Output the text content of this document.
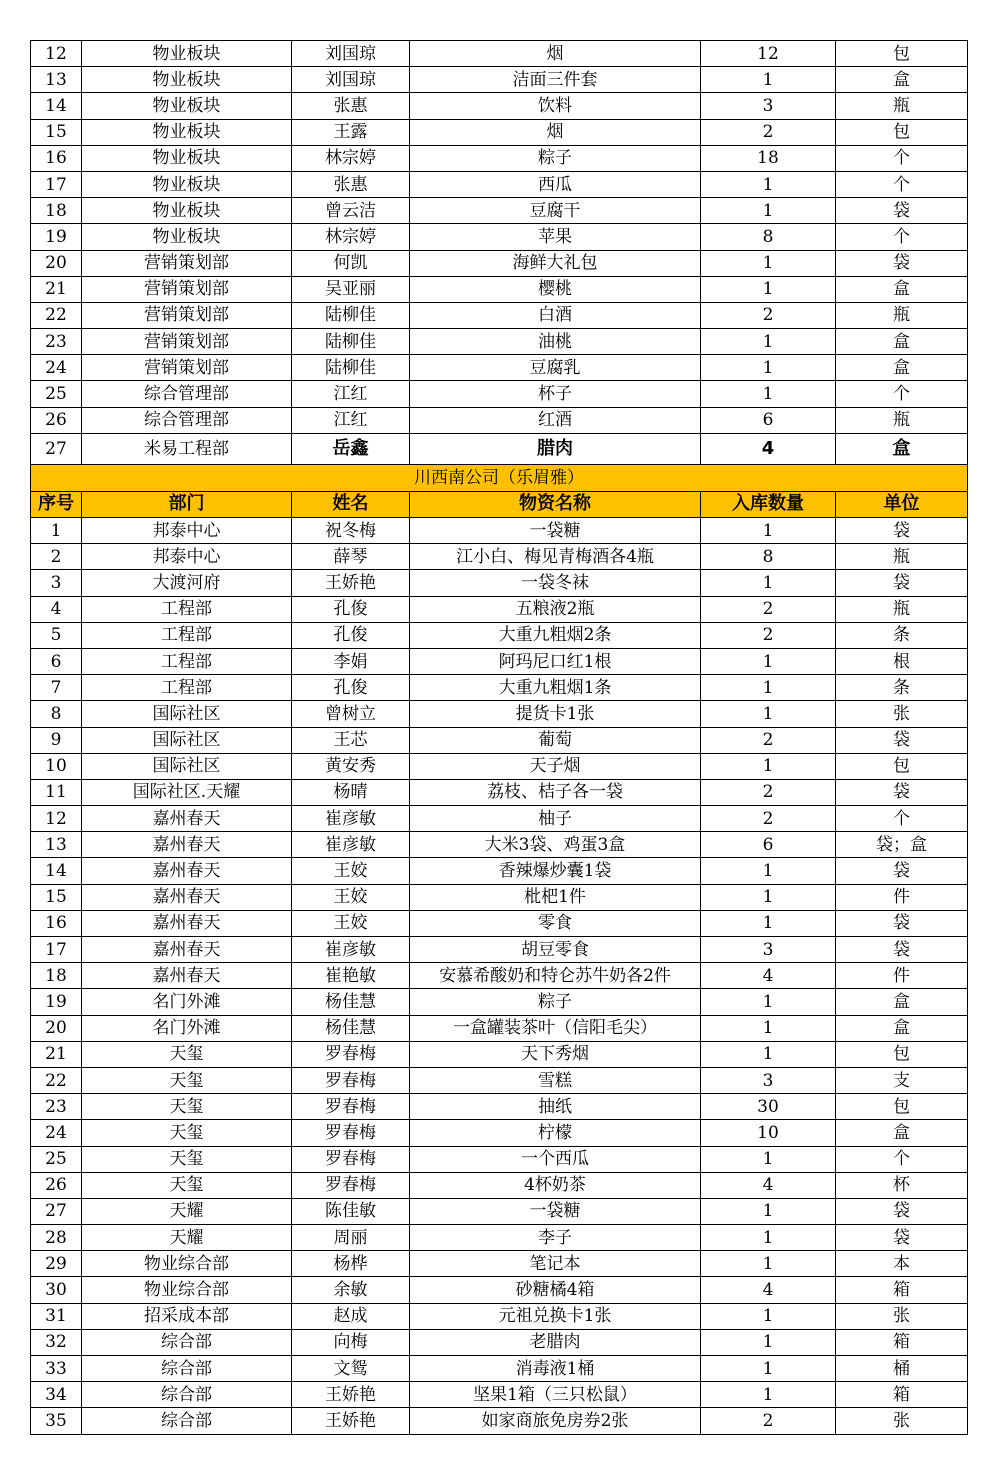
12	物业板块	刘国琼	烟	12	包
13	物业板块	刘国琼	洁面三件套	1	盒
14	物业板块	张惠	饮料	3	瓶
15	物业板块	王露	烟	2	包
16	物业板块	林宗婷	粽子	18	个
17	物业板块	张惠	西瓜	1	个
18	物业板块	曾云洁	豆腐干	1	袋
19	物业板块	林宗婷	苹果	8	个
20	营销策划部	何凯	海鲜大礼包	1	袋
21	营销策划部	吴亚丽	樱桃	1	盒
22	营销策划部	陆柳佳	白酒	2	瓶
23	营销策划部	陆柳佳	油桃	1	盒
24	营销策划部	陆柳佳	豆腐乳	1	盒
25	综合管理部	江红	杯子	1	个
26	综合管理部	江红	红酒	6	瓶
27	米易工程部	岳鑫	腊肉	4	盒
川西南公司（乐眉雅）					
序号	部门	姓名	物资名称	入库数量	单位
1	邦泰中心	祝冬梅	一袋糖	1	袋
2	邦泰中心	薛琴	江小白、梅见青梅酒各4瓶	8	瓶
3	大渡河府	王娇艳	一袋冬袜	1	袋
4	工程部	孔俊	五粮液2瓶	2	瓶
5	工程部	孔俊	大重九粗烟2条	2	条
6	工程部	李娟	阿玛尼口红1根	1	根
7	工程部	孔俊	大重九粗烟1条	1	条
8	国际社区	曾树立	提货卡1张	1	张
9	国际社区	王芯	葡萄	2	袋
10	国际社区	黄安秀	天子烟	1	包
11	国际社区.天耀	杨晴	荔枝、桔子各一袋	2	袋
12	嘉州春天	崔彦敏	柚子	2	个
13	嘉州春天	崔彦敏	大米3袋、鸡蛋3盒	6	袋；盒
14	嘉州春天	王姣	香辣爆炒囊1袋	1	袋
15	嘉州春天	王姣	枇杷1件	1	件
16	嘉州春天	王姣	零食	1	袋
17	嘉州春天	崔彦敏	胡豆零食	3	袋
18	嘉州春天	崔艳敏	安慕希酸奶和特仑苏牛奶各2件	4	件
19	名门外滩	杨佳慧	粽子	1	盒
20	名门外滩	杨佳慧	一盒罐装茶叶（信阳毛尖）	1	盒
21	天玺	罗春梅	天下秀烟	1	包
22	天玺	罗春梅	雪糕	3	支
23	天玺	罗春梅	抽纸	30	包
24	天玺	罗春梅	柠檬	10	盒
25	天玺	罗春梅	一个西瓜	1	个
26	天玺	罗春梅	4杯奶茶	4	杯
27	天耀	陈佳敏	一袋糖	1	袋
28	天耀	周丽	李子	1	袋
29	物业综合部	杨桦	笔记本	1	本
30	物业综合部	余敏	砂糖橘4箱	4	箱
31	招采成本部	赵成	元祖兑换卡1张	1	张
32	综合部	向梅	老腊肉	1	箱
33	综合部	文鸳	消毒液1桶	1	桶
34	综合部	王娇艳	坚果1箱（三只松鼠）	1	箱
35	综合部	王娇艳	如家商旅免房券2张	2	张
